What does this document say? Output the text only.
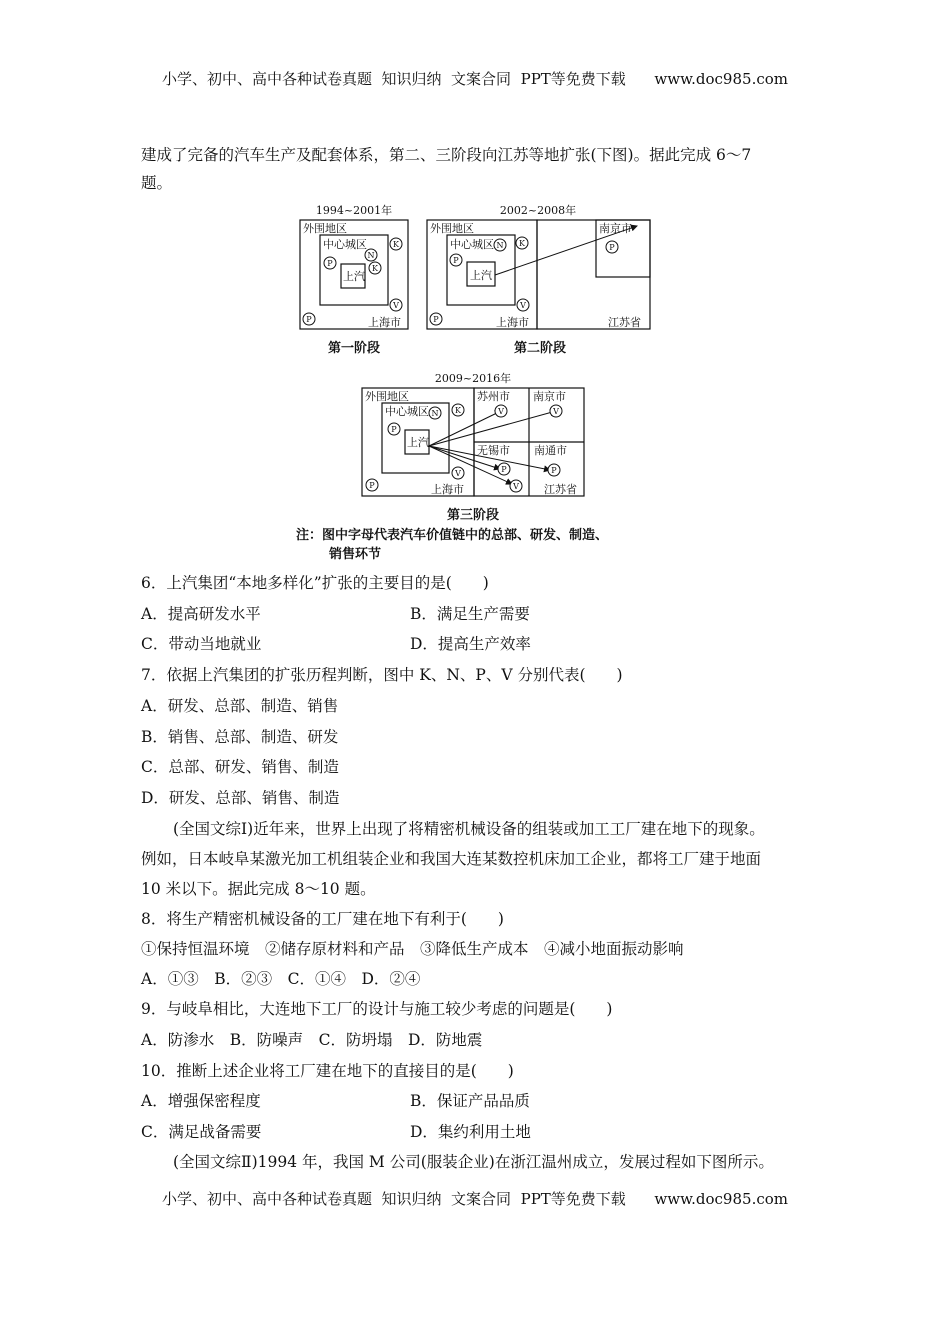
小学、初中、高中各种试卷真题  知识归纳  文案合同  PPT等免费下载      www.doc985.com
建成了完备的汽车生产及配套体系，第二、三阶段向江苏等地扩张(下图)。据此完成 6～7
题。
K
N
K
P
V
P
K
N
P
V
P
P
K
N
P
V
P
V	V
P
V
P
外围地区
中心城区
上汽
上海市
外围地区
中心城区
上汽
上海市
南京市
江苏省
外围地区
中心城区
上汽
上海市
苏州市 南京市
无锡市 南通市
江苏省
1994~2001年	2002~2008年
2009~2016年
第一阶段	第二阶段
第三阶段
注：图中字母代表汽车价值链中的总部、研发、制造、
销售环节
6．上汽集团“本地多样化”扩张的主要目的是(　　)
A．提高研发水平	B．满足生产需要
C．带动当地就业	D．提高生产效率
7．依据上汽集团的扩张历程判断，图中 K、N、P、V 分别代表(　　)
A．研发、总部、制造、销售
B．销售、总部、制造、研发
C．总部、研发、销售、制造
D．研发、总部、销售、制造
(全国文综Ⅰ)近年来，世界上出现了将精密机械设备的组装或加工工厂建在地下的现象。
例如，日本岐阜某激光加工机组装企业和我国大连某数控机床加工企业，都将工厂建于地面
10 米以下。据此完成 8～10 题。
8．将生产精密机械设备的工厂建在地下有利于(　　)
①保持恒温环境　②储存原材料和产品　③降低生产成本　④减小地面振动影响
A．①③　B．②③　C．①④　D．②④
9．与岐阜相比，大连地下工厂的设计与施工较少考虑的问题是(　　)
A．防渗水　B．防噪声　C．防坍塌　D．防地震
10．推断上述企业将工厂建在地下的直接目的是(　　)
A．增强保密程度	B．保证产品品质
C．满足战备需要	D．集约利用土地
(全国文综Ⅱ)1994 年，我国 M 公司(服装企业)在浙江温州成立，发展过程如下图所示。
小学、初中、高中各种试卷真题  知识归纳  文案合同  PPT等免费下载      www.doc985.com
